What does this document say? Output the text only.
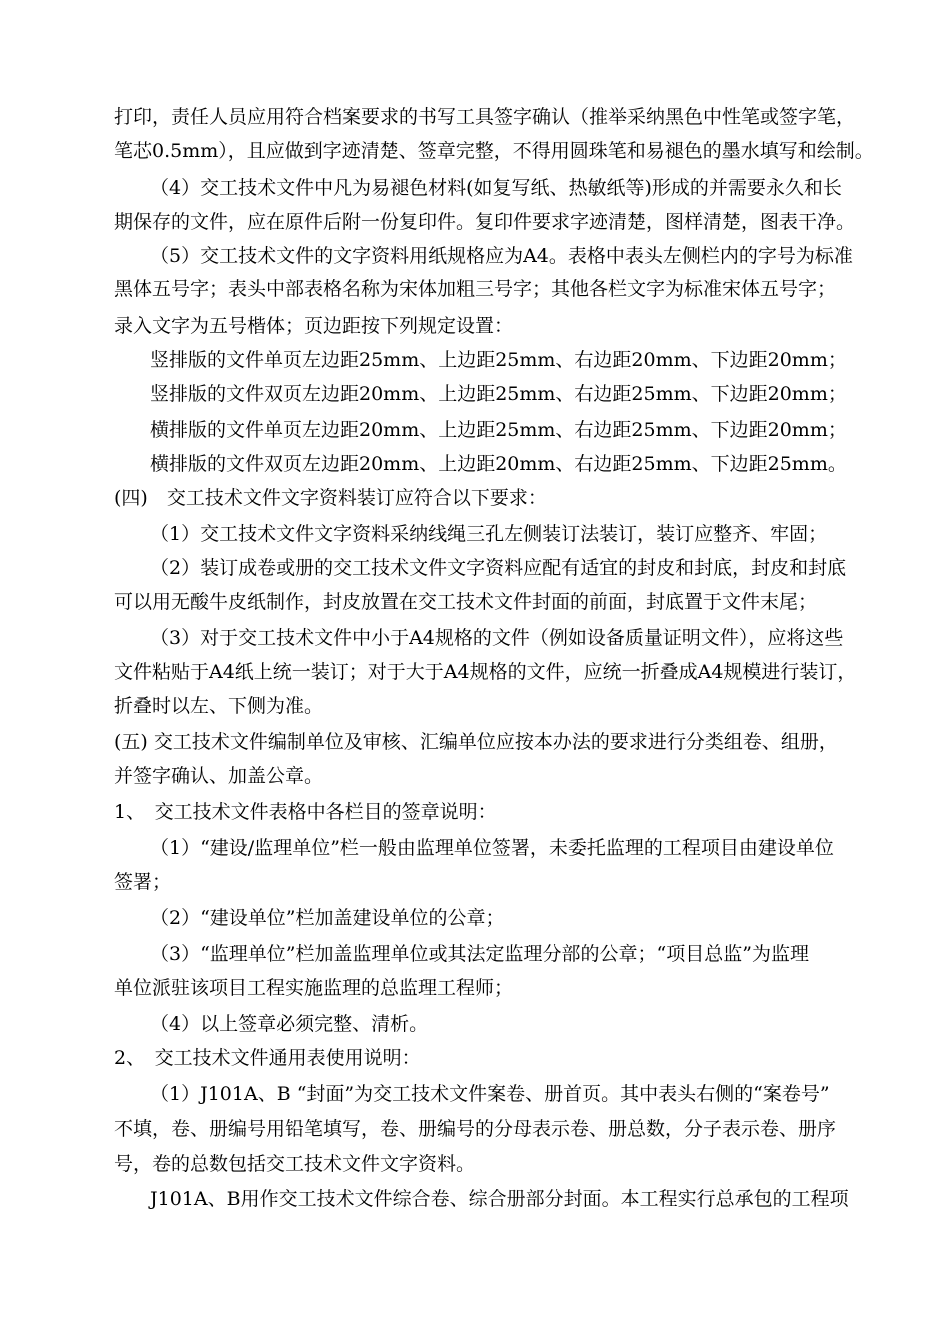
打印，责任人员应用符合档案要求的书写工具签字确认（推举采纳黑色中性笔或签字笔，
笔芯0.5mm），且应做到字迹清楚、签章完整，不得用圆珠笔和易褪色的墨水填写和绘制。
（4）交工技术文件中凡为易褪色材料(如复写纸、热敏纸等)形成的并需要永久和长
期保存的文件，应在原件后附一份复印件。复印件要求字迹清楚，图样清楚，图表干净。
（5）交工技术文件的文字资料用纸规格应为A4。表格中表头左侧栏内的字号为标准
黑体五号字；表头中部表格名称为宋体加粗三号字；其他各栏文字为标准宋体五号字；
录入文字为五号楷体；页边距按下列规定设置：
竖排版的文件单页左边距25mm、上边距25mm、右边距20mm、下边距20mm；
竖排版的文件双页左边距20mm、上边距25mm、右边距25mm、下边距20mm；
横排版的文件单页左边距20mm、上边距25mm、右边距25mm、下边距20mm；
横排版的文件双页左边距20mm、上边距20mm、右边距25mm、下边距25mm。
(四)　交工技术文件文字资料装订应符合以下要求：
（1）交工技术文件文字资料采纳线绳三孔左侧装订法装订，装订应整齐、牢固；
（2）装订成卷或册的交工技术文件文字资料应配有适宜的封皮和封底，封皮和封底
可以用无酸牛皮纸制作，封皮放置在交工技术文件封面的前面，封底置于文件末尾；
（3）对于交工技术文件中小于A4规格的文件（例如设备质量证明文件），应将这些
文件粘贴于A4纸上统一装订；对于大于A4规格的文件，应统一折叠成A4规模进行装订，
折叠时以左、下侧为准。
(五) 交工技术文件编制单位及审核、汇编单位应按本办法的要求进行分类组卷、组册，
并签字确认、加盖公章。
1、　交工技术文件表格中各栏目的签章说明：
（1）“建设/监理单位”栏一般由监理单位签署，未委托监理的工程项目由建设单位
签署；
（2）“建设单位”栏加盖建设单位的公章；
（3）“监理单位”栏加盖监理单位或其法定监理分部的公章；“项目总监”为监理
单位派驻该项目工程实施监理的总监理工程师；
（4）以上签章必须完整、清析。
2、　交工技术文件通用表使用说明：
（1）J101A、B “封面”为交工技术文件案卷、册首页。其中表头右侧的“案卷号”
不填，卷、册编号用铅笔填写，卷、册编号的分母表示卷、册总数，分子表示卷、册序
号，卷的总数包括交工技术文件文字资料。
J101A、B用作交工技术文件综合卷、综合册部分封面。本工程实行总承包的工程项
